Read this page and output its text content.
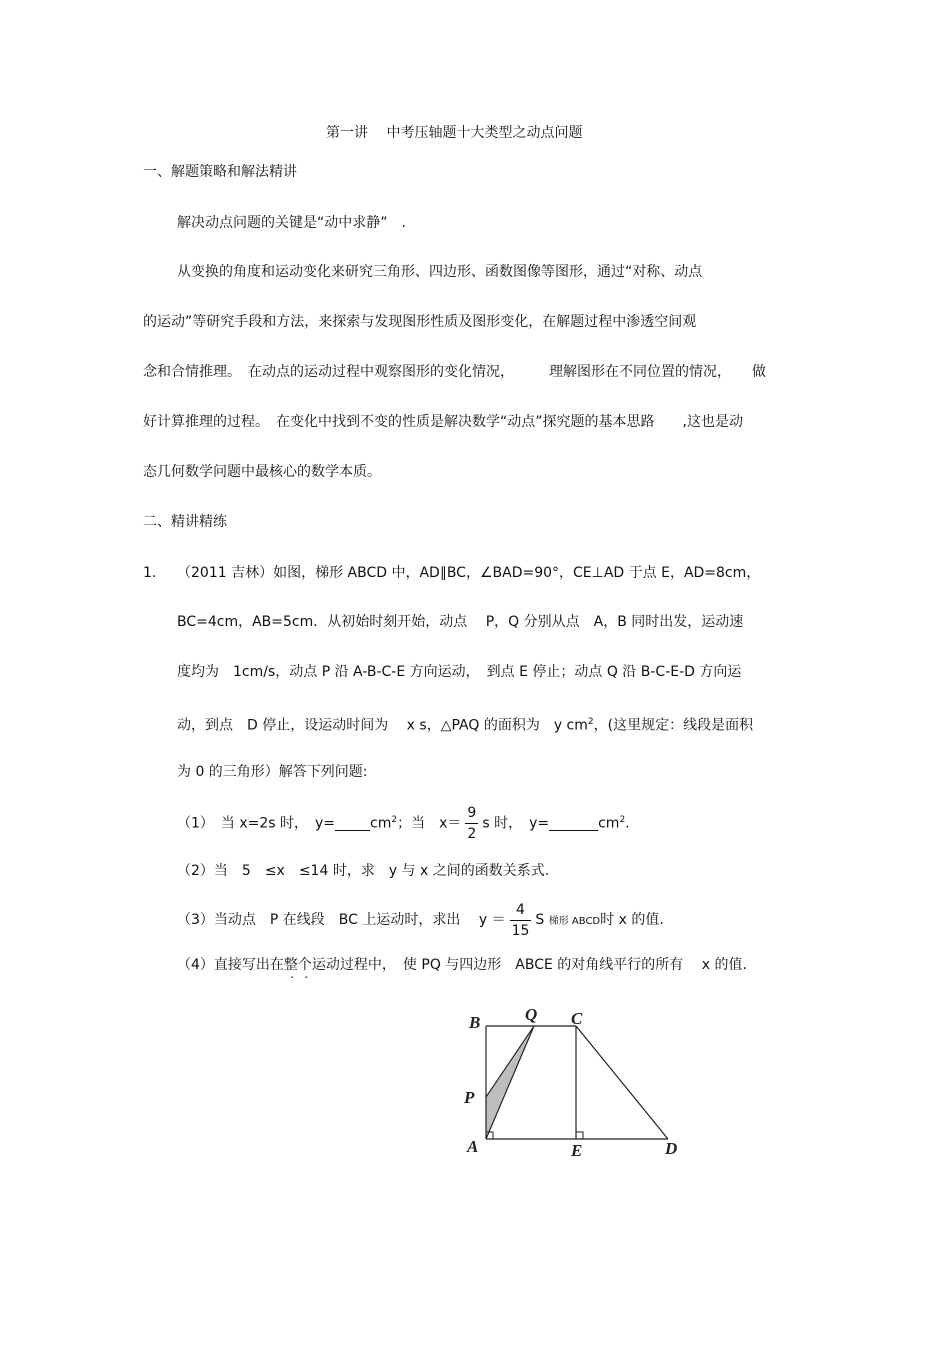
第一讲　 中考压轴题十大类型之动点问题
一、解题策略和解法精讲
解决动点问题的关键是“动中求静”　.
从变换的角度和运动变化来研究三角形、四边形、函数图像等图形，通过“对称、动点
的运动”等研究手段和方法，来探索与发现图形性质及图形变化，在解题过程中渗透空间观
念和合情推理。　在动点的运动过程中观察图形的变化情况，　　　理解图形在不同位置的情况，　　做
好计算推理的过程。　在变化中找到不变的性质是解决数学“动点”探究题的基本思路　　,这也是动
态几何数学问题中最核心的数学本质。
二、精讲精练
1. （2011 吉林）如图，梯形 ABCD 中，AD∥BC，∠BAD=90°，CE⊥AD 于点 E，AD=8cm，
BC=4cm，AB=5cm．从初始时刻开始，动点　 P，Q 分别从点　A，B 同时出发，运动速
度均为　1cm/s，动点 P 沿 A-B-C-E 方向运动，　到点 E 停止；动点 Q 沿 B-C-E-D 方向运
动，到点　D 停止，设运动时间为　 x s，△PAQ 的面积为　y $cm^2$，(这里规定：线段是面积
为 0 的三角形）解答下列问题:
（1）　当 x=2s 时，　$y=\_\_\_\_\_cm^2$；当　$x= \frac{9}{2}$ s 时，　$y=\_\_\_\_\_\_\_cm^2$.
（2）当　5　≤x　≤14 时，求　y 与 x 之间的函数关系式.
（3）当动点　P 在线段　BC 上运动时，求出　 $y = \frac{4}{15}$ S 梯形 ABCD时 x 的值.
（4）直接写出在整个运动过程中，　使 PQ 与四边形　ABCE 的对角线平行的所有　 x 的值.
B	Q C
P
A	E	D
